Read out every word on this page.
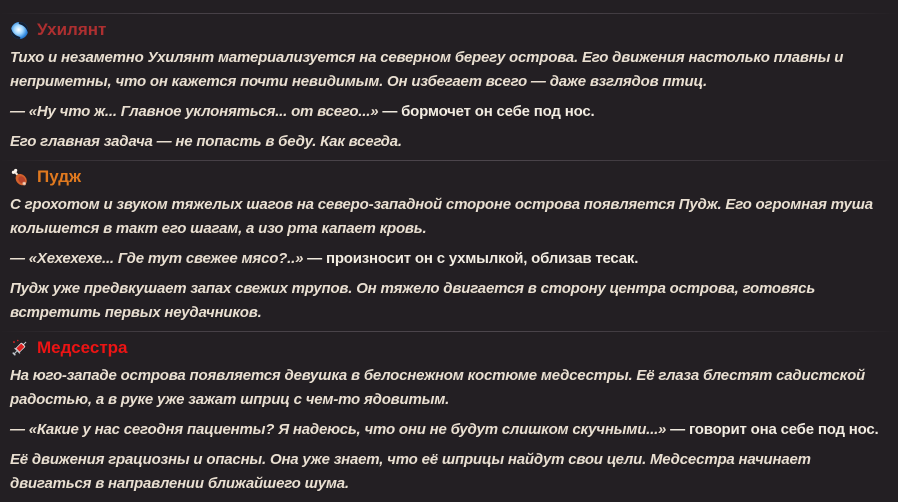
Ухилянт

Тихо и незаметно Ухилянт материализуется на северном берегу острова. Его движения настолько плавны и неприметны, что он кажется почти невидимым. Он избегает всего — даже взглядов птиц.

— «Ну что ж... Главное уклоняться... от всего...» — бормочет он себе под нос.

Его главная задача — не попасть в беду. Как всегда.

Пудж

С грохотом и звуком тяжелых шагов на северо-западной стороне острова появляется Пудж. Его огромная туша колышется в такт его шагам, а изо рта капает кровь.

— «Хехехехе... Где тут свежее мясо?..» — произносит он с ухмылкой, облизав тесак.

Пудж уже предвкушает запах свежих трупов. Он тяжело двигается в сторону центра острова, готовясь встретить первых неудачников.

Медсестра

На юго-западе острова появляется девушка в белоснежном костюме медсестры. Её глаза блестят садистской радостью, а в руке уже зажат шприц с чем-то ядовитым.

— «Какие у нас сегодня пациенты? Я надеюсь, что они не будут слишком скучными...» — говорит она себе под нос.

Её движения грациозны и опасны. Она уже знает, что её шприцы найдут свои цели. Медсестра начинает двигаться в направлении ближайшего шума.
